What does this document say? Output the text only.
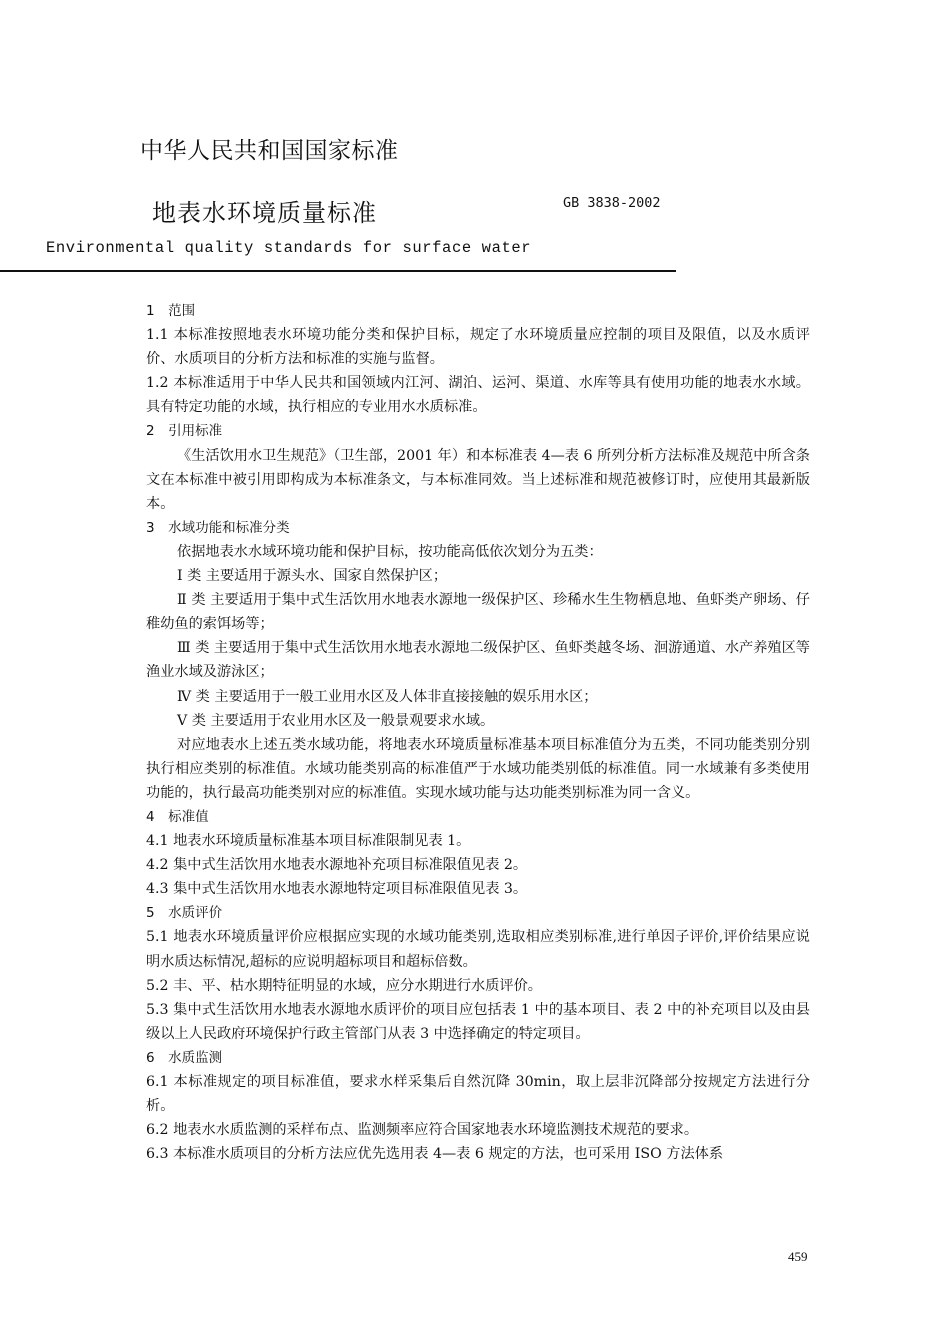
中华人民共和国国家标准
地表水环境质量标准	GB 3838-2002
Environmental quality standards for surface water

1　范围

1.1 本标准按照地表水环境功能分类和保护目标，规定了水环境质量应控制的项目及限值，以及水质评价、水质项目的分析方法和标准的实施与监督。

1.2 本标准适用于中华人民共和国领域内江河、湖泊、运河、渠道、水库等具有使用功能的地表水水域。具有特定功能的水域，执行相应的专业用水水质标准。

2　引用标准

《生活饮用水卫生规范》（卫生部，2001 年）和本标准表 4—表 6 所列分析方法标准及规范中所含条文在本标准中被引用即构成为本标准条文，与本标准同效。当上述标准和规范被修订时，应使用其最新版本。

3　水域功能和标准分类

依据地表水水域环境功能和保护目标，按功能高低依次划分为五类：

Ⅰ 类 主要适用于源头水、国家自然保护区；

Ⅱ 类 主要适用于集中式生活饮用水地表水源地一级保护区、珍稀水生生物栖息地、鱼虾类产卵场、仔稚幼鱼的索饵场等；

Ⅲ 类 主要适用于集中式生活饮用水地表水源地二级保护区、鱼虾类越冬场、洄游通道、水产养殖区等渔业水域及游泳区；

Ⅳ 类 主要适用于一般工业用水区及人体非直接接触的娱乐用水区；

Ⅴ 类 主要适用于农业用水区及一般景观要求水域。

对应地表水上述五类水域功能，将地表水环境质量标准基本项目标准值分为五类，不同功能类别分别执行相应类别的标准值。水域功能类别高的标准值严于水域功能类别低的标准值。同一水域兼有多类使用功能的，执行最高功能类别对应的标准值。实现水域功能与达功能类别标准为同一含义。

4　标准值

4.1 地表水环境质量标准基本项目标准限制见表 1。

4.2 集中式生活饮用水地表水源地补充项目标准限值见表 2。

4.3 集中式生活饮用水地表水源地特定项目标准限值见表 3。

5　水质评价

5.1 地表水环境质量评价应根据应实现的水域功能类别,选取相应类别标准,进行单因子评价,评价结果应说明水质达标情况,超标的应说明超标项目和超标倍数。

5.2 丰、平、枯水期特征明显的水域，应分水期进行水质评价。

5.3 集中式生活饮用水地表水源地水质评价的项目应包括表 1 中的基本项目、表 2 中的补充项目以及由县级以上人民政府环境保护行政主管部门从表 3 中选择确定的特定项目。

6　水质监测

6.1 本标准规定的项目标准值，要求水样采集后自然沉降 30min，取上层非沉降部分按规定方法进行分析。

6.2 地表水水质监测的采样布点、监测频率应符合国家地表水环境监测技术规范的要求。

6.3 本标准水质项目的分析方法应优先选用表 4—表 6 规定的方法，也可采用 ISO 方法体系

459
